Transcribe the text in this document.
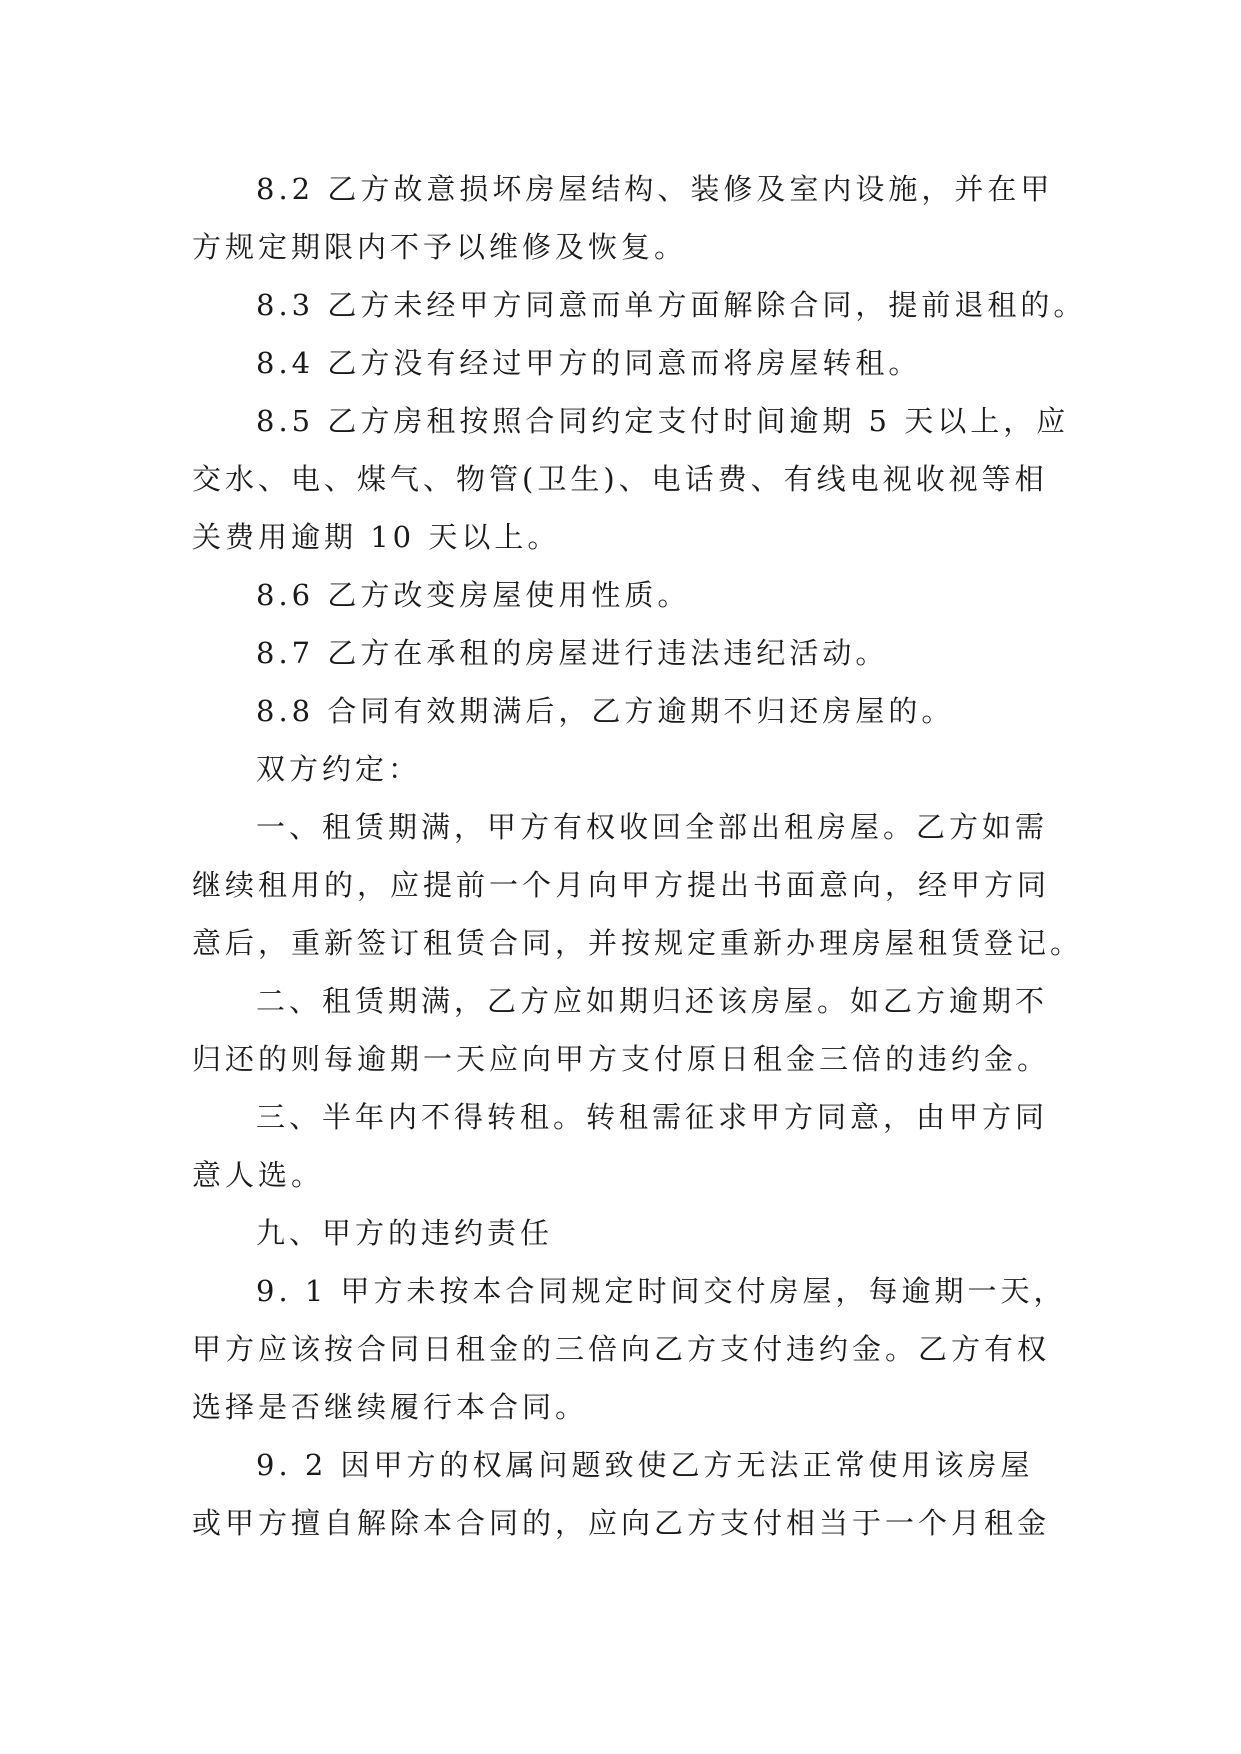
8.2 乙方故意损坏房屋结构、装修及室内设施，并在甲
方规定期限内不予以维修及恢复。
8.3 乙方未经甲方同意而单方面解除合同，提前退租的。
8.4 乙方没有经过甲方的同意而将房屋转租。
8.5 乙方房租按照合同约定支付时间逾期 5 天以上，应
交水、电、煤气、物管(卫生)、电话费、有线电视收视等相
关费用逾期 10 天以上。
8.6 乙方改变房屋使用性质。
8.7 乙方在承租的房屋进行违法违纪活动。
8.8 合同有效期满后，乙方逾期不归还房屋的。
双方约定：
一、租赁期满，甲方有权收回全部出租房屋。乙方如需
继续租用的，应提前一个月向甲方提出书面意向，经甲方同
意后，重新签订租赁合同，并按规定重新办理房屋租赁登记。
二、租赁期满，乙方应如期归还该房屋。如乙方逾期不
归还的则每逾期一天应向甲方支付原日租金三倍的违约金。
三、半年内不得转租。转租需征求甲方同意，由甲方同
意人选。
九、甲方的违约责任
9. 1 甲方未按本合同规定时间交付房屋，每逾期一天，
甲方应该按合同日租金的三倍向乙方支付违约金。乙方有权
选择是否继续履行本合同。
9. 2 因甲方的权属问题致使乙方无法正常使用该房屋
或甲方擅自解除本合同的，应向乙方支付相当于一个月租金
